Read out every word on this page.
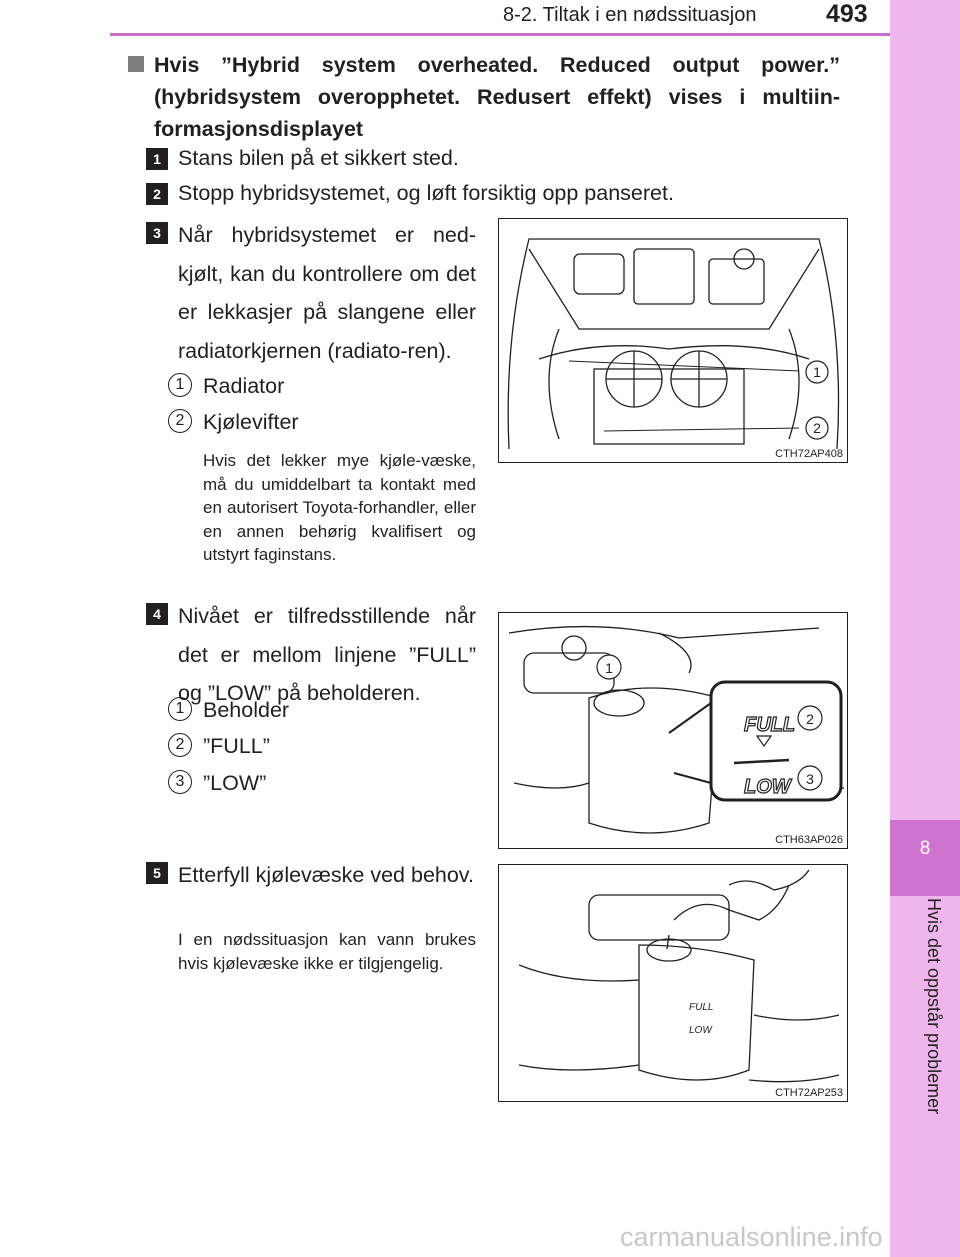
8-2. Tiltak i en nødssituasjon	493
8
Hvis det oppstår problemer
Hvis ”Hybrid system overheated. Reduced output power.” (hybridsystem overopphetet. Redusert effekt) vises i multiin-formasjonsdisplayet
1 Stans bilen på et sikkert sted.
2 Stopp hybridsystemet, og løft forsiktig opp panseret.
3 Når hybridsystemet er ned-kjølt, kan du kontrollere om det er lekkasjer på slangene eller radiatorkjernen (radiato-ren).
1 Radiator
2 Kjølevifter
Hvis det lekker mye kjøle-væske, må du umiddelbart ta kontakt med en autorisert Toyota-forhandler, eller en annen behørig kvalifisert og utstyrt faginstans.
1
2
CTH72AP408
4 Nivået er tilfredsstillende når det er mellom linjene ”FULL” og ”LOW” på beholderen.
1 Beholder
2 ”FULL”
3 ”LOW”
FULL
LOW
1
2
3
CTH63AP026
5 Etterfyll kjølevæske ved behov.
I en nødssituasjon kan vann brukes hvis kjølevæske ikke er tilgjengelig.
FULL
LOW
CTH72AP253
carmanualsonline.info
